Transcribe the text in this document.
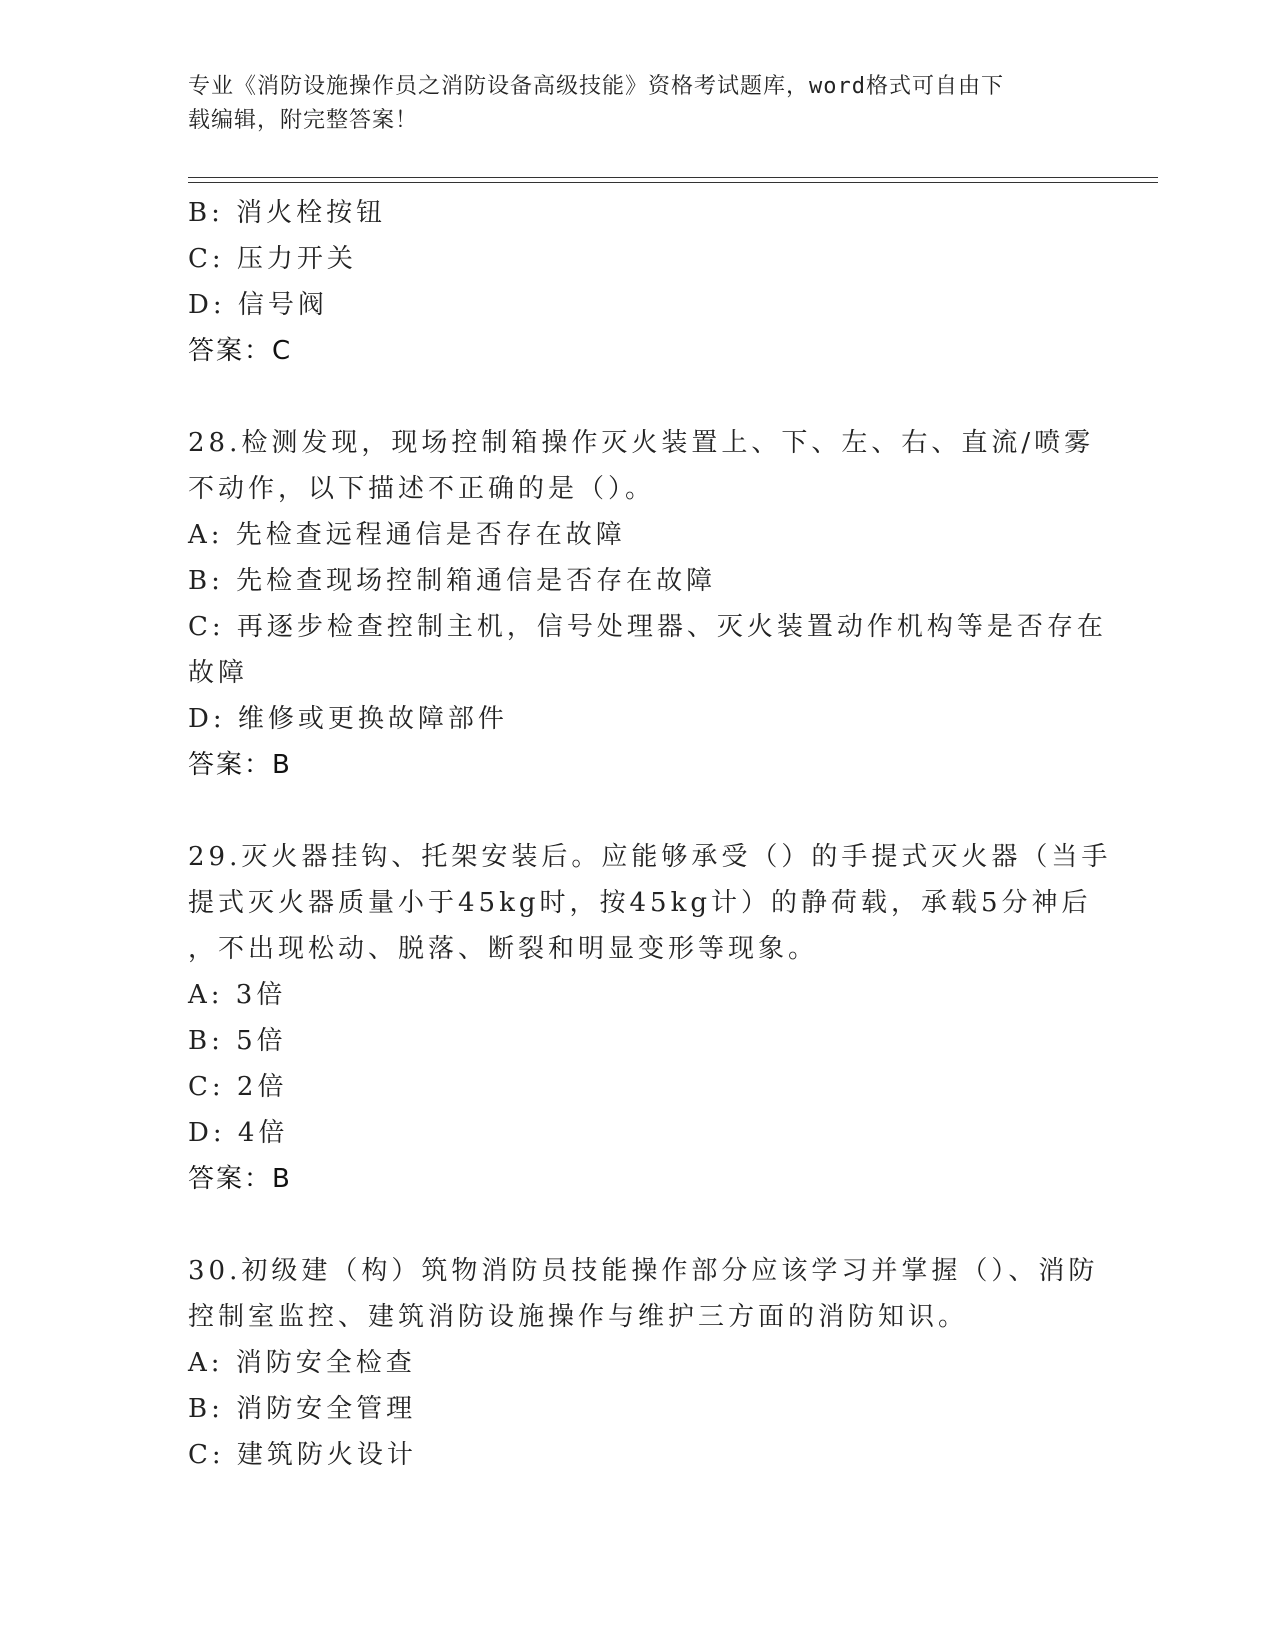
专业《消防设施操作员之消防设备高级技能》资格考试题库，word格式可自由下
载编辑，附完整答案！
B: 消火栓按钮
C: 压力开关
D: 信号阀
答案：C
28.检测发现，现场控制箱操作灭火装置上、下、左、右、直流/喷雾
不动作，以下描述不正确的是（）。
A: 先检查远程通信是否存在故障
B: 先检查现场控制箱通信是否存在故障
C: 再逐步检查控制主机，信号处理器、灭火装置动作机构等是否存在
故障
D: 维修或更换故障部件
答案：B
29.灭火器挂钩、托架安装后。应能够承受（）的手提式灭火器（当手
提式灭火器质量小于45kg时，按45kg计）的静荷载，承载5分神后
，不出现松动、脱落、断裂和明显变形等现象。
A: 3倍
B: 5倍
C: 2倍
D: 4倍
答案：B
30.初级建（构）筑物消防员技能操作部分应该学习并掌握（）、消防
控制室监控、建筑消防设施操作与维护三方面的消防知识。
A: 消防安全检查
B: 消防安全管理
C: 建筑防火设计
